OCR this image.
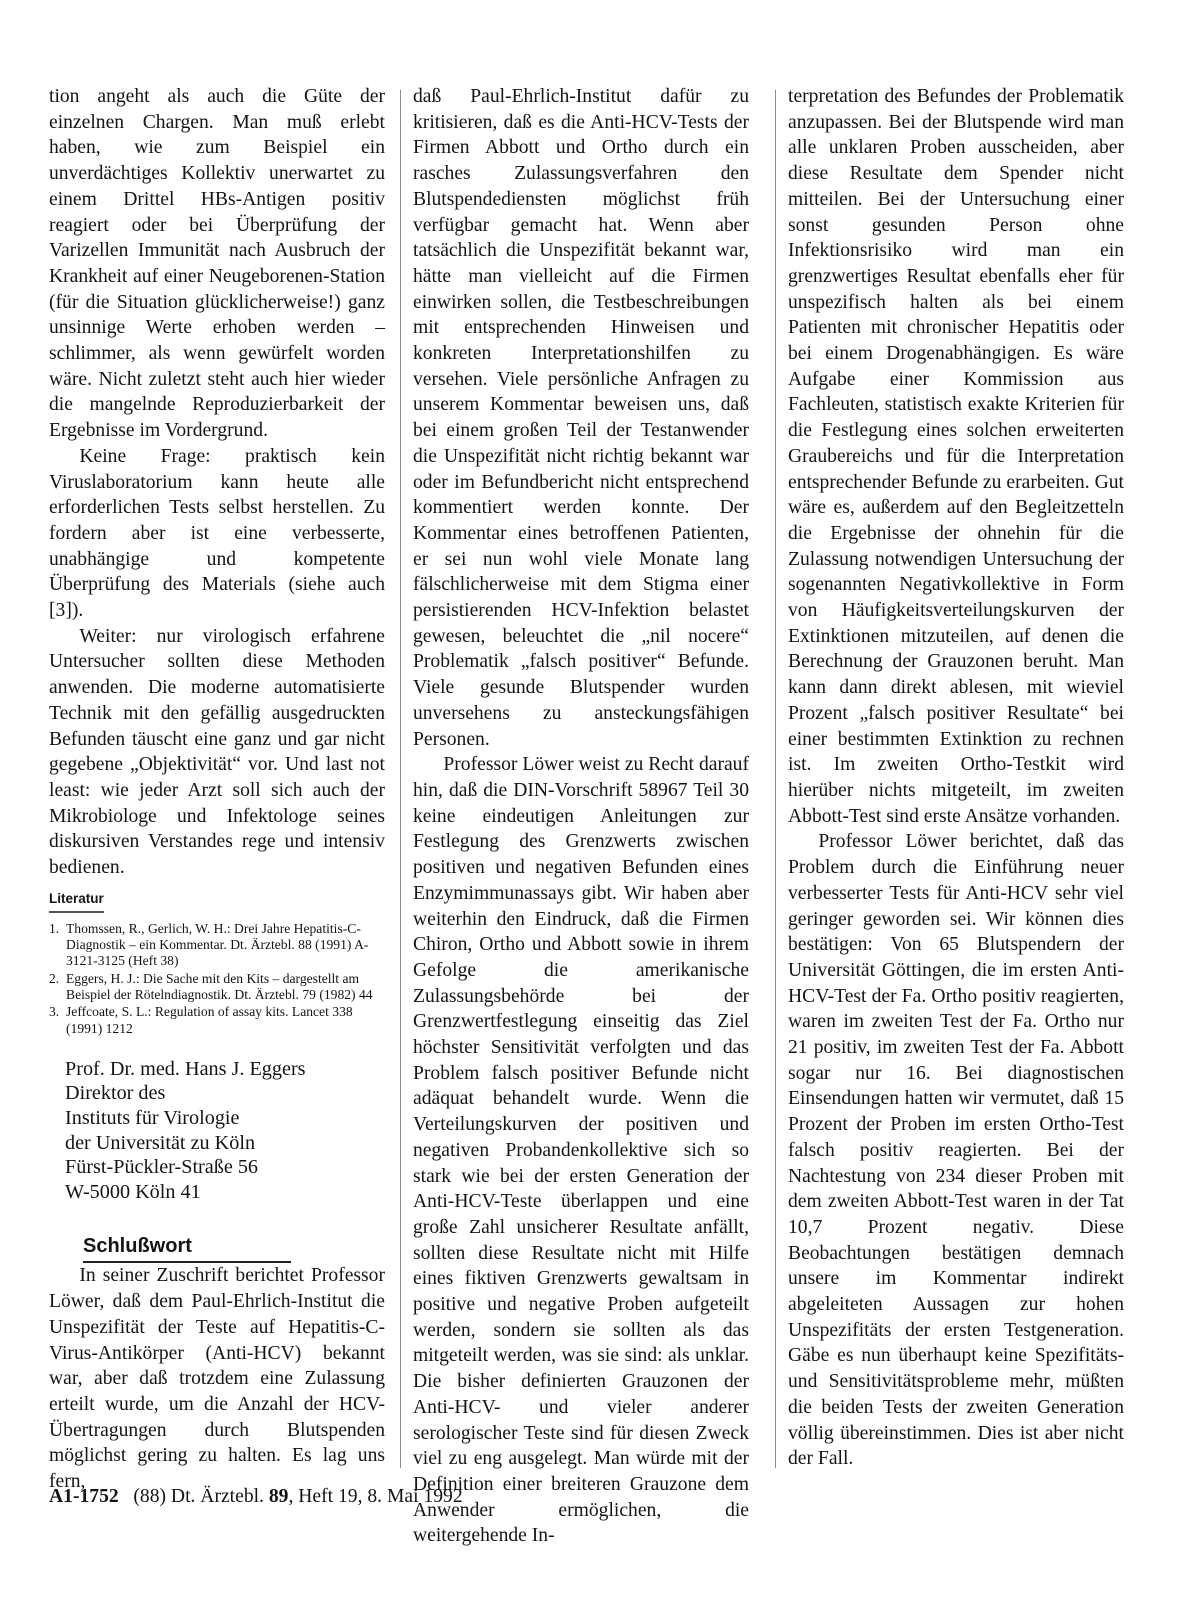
tion angeht als auch die Güte der einzelnen Chargen. Man muß erlebt haben, wie zum Beispiel ein unverdächtiges Kollektiv unerwartet zu einem Drittel HBs-Antigen positiv reagiert oder bei Überprüfung der Varizellen Immunität nach Ausbruch der Krankheit auf einer Neugeborenen-Station (für die Situation glücklicherweise!) ganz unsinnige Werte erhoben werden – schlimmer, als wenn gewürfelt worden wäre. Nicht zuletzt steht auch hier wieder die mangelnde Reproduzierbarkeit der Ergebnisse im Vordergrund.

Keine Frage: praktisch kein Viruslaboratorium kann heute alle erforderlichen Tests selbst herstellen. Zu fordern aber ist eine verbesserte, unabhängige und kompetente Überprüfung des Materials (siehe auch [3]).

Weiter: nur virologisch erfahrene Untersucher sollten diese Methoden anwenden. Die moderne automatisierte Technik mit den gefällig ausgedruckten Befunden täuscht eine ganz und gar nicht gegebene „Objektivität“ vor. Und last not least: wie jeder Arzt soll sich auch der Mikrobiologe und Infektologe seines diskursiven Verstandes rege und intensiv bedienen.

Literatur
1. Thomssen, R., Gerlich, W. H.: Drei Jahre Hepatitis-C-Diagnostik – ein Kommentar. Dt. Ärztebl. 88 (1991) A-3121-3125 (Heft 38)
2. Eggers, H. J.: Die Sache mit den Kits – dargestellt am Beispiel der Rötelndiagnostik. Dt. Ärztebl. 79 (1982) 44
3. Jeffcoate, S. L.: Regulation of assay kits. Lancet 338 (1991) 1212
Prof. Dr. med. Hans J. Eggers
Direktor des
Instituts für Virologie
der Universität zu Köln
Fürst-Pückler-Straße 56
W-5000 Köln 41
Schlußwort

In seiner Zuschrift berichtet Professor Löwer, daß dem Paul-Ehrlich-Institut die Unspezifität der Teste auf Hepatitis-C-Virus-Antikörper (Anti-HCV) bekannt war, aber daß trotzdem eine Zulassung erteilt wurde, um die Anzahl der HCV-Übertragungen durch Blutspenden möglichst gering zu halten. Es lag uns fern,

daß Paul-Ehrlich-Institut dafür zu kritisieren, daß es die Anti-HCV-Tests der Firmen Abbott und Ortho durch ein rasches Zulassungsverfahren den Blutspendediensten möglichst früh verfügbar gemacht hat. Wenn aber tatsächlich die Unspezifität bekannt war, hätte man vielleicht auf die Firmen einwirken sollen, die Testbeschreibungen mit entsprechenden Hinweisen und konkreten Interpretationshilfen zu versehen. Viele persönliche Anfragen zu unserem Kommentar beweisen uns, daß bei einem großen Teil der Testanwender die Unspezifität nicht richtig bekannt war oder im Befundbericht nicht entsprechend kommentiert werden konnte. Der Kommentar eines betroffenen Patienten, er sei nun wohl viele Monate lang fälschlicherweise mit dem Stigma einer persistierenden HCV-Infektion belastet gewesen, beleuchtet die „nil nocere“ Problematik „falsch positiver“ Befunde. Viele gesunde Blutspender wurden unversehens zu ansteckungsfähigen Personen.

Professor Löwer weist zu Recht darauf hin, daß die DIN-Vorschrift 58967 Teil 30 keine eindeutigen Anleitungen zur Festlegung des Grenzwerts zwischen positiven und negativen Befunden eines Enzymimmunassays gibt. Wir haben aber weiterhin den Eindruck, daß die Firmen Chiron, Ortho und Abbott sowie in ihrem Gefolge die amerikanische Zulassungsbehörde bei der Grenzwertfestlegung einseitig das Ziel höchster Sensitivität verfolgten und das Problem falsch positiver Befunde nicht adäquat behandelt wurde. Wenn die Verteilungskurven der positiven und negativen Probandenkollektive sich so stark wie bei der ersten Generation der Anti-HCV-Teste überlappen und eine große Zahl unsicherer Resultate anfällt, sollten diese Resultate nicht mit Hilfe eines fiktiven Grenzwerts gewaltsam in positive und negative Proben aufgeteilt werden, sondern sie sollten als das mitgeteilt werden, was sie sind: als unklar. Die bisher definierten Grauzonen der Anti-HCV- und vieler anderer serologischer Teste sind für diesen Zweck viel zu eng ausgelegt. Man würde mit der Definition einer breiteren Grauzone dem Anwender ermöglichen, die weitergehende In-

terpretation des Befundes der Problematik anzupassen. Bei der Blutspende wird man alle unklaren Proben ausscheiden, aber diese Resultate dem Spender nicht mitteilen. Bei der Untersuchung einer sonst gesunden Person ohne Infektionsrisiko wird man ein grenzwertiges Resultat ebenfalls eher für unspezifisch halten als bei einem Patienten mit chronischer Hepatitis oder bei einem Drogenabhängigen. Es wäre Aufgabe einer Kommission aus Fachleuten, statistisch exakte Kriterien für die Festlegung eines solchen erweiterten Graubereichs und für die Interpretation entsprechender Befunde zu erarbeiten. Gut wäre es, außerdem auf den Begleitzetteln die Ergebnisse der ohnehin für die Zulassung notwendigen Untersuchung der sogenannten Negativkollektive in Form von Häufigkeitsverteilungskurven der Extinktionen mitzuteilen, auf denen die Berechnung der Grauzonen beruht. Man kann dann direkt ablesen, mit wieviel Prozent „falsch positiver Resultate“ bei einer bestimmten Extinktion zu rechnen ist. Im zweiten Ortho-Testkit wird hierüber nichts mitgeteilt, im zweiten Abbott-Test sind erste Ansätze vorhanden.

Professor Löwer berichtet, daß das Problem durch die Einführung neuer verbesserter Tests für Anti-HCV sehr viel geringer geworden sei. Wir können dies bestätigen: Von 65 Blutspendern der Universität Göttingen, die im ersten Anti-HCV-Test der Fa. Ortho positiv reagierten, waren im zweiten Test der Fa. Ortho nur 21 positiv, im zweiten Test der Fa. Abbott sogar nur 16. Bei diagnostischen Einsendungen hatten wir vermutet, daß 15 Prozent der Proben im ersten Ortho-Test falsch positiv reagierten. Bei der Nachtestung von 234 dieser Proben mit dem zweiten Abbott-Test waren in der Tat 10,7 Prozent negativ. Diese Beobachtungen bestätigen demnach unsere im Kommentar indirekt abgeleiteten Aussagen zur hohen Unspezifitäts der ersten Testgeneration. Gäbe es nun überhaupt keine Spezifitäts- und Sensitivitätsprobleme mehr, müßten die beiden Tests der zweiten Generation völlig übereinstimmen. Dies ist aber nicht der Fall.

A1-1752 (88) Dt. Ärztebl. 89, Heft 19, 8. Mai 1992
